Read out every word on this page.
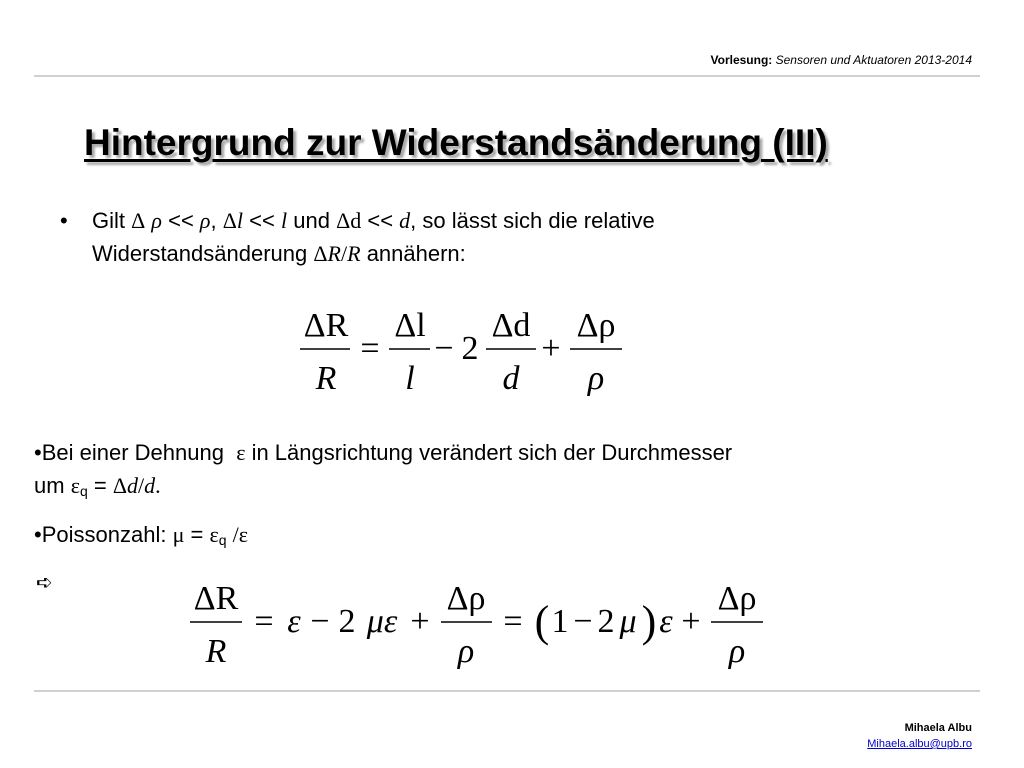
Vorlesung: Sensoren und Aktuatoren 2013-2014
Hintergrund zur Widerstandsänderung (III)
• Gilt Δ ρ << ρ, Δl << l und Δd << d, so lässt sich die relative
Widerstandsänderung ΔR/R annähern:
ΔR
R
=
Δl
l
− 2
Δd
d
+
Δρ
ρ
ΔR
R
= ε − 2 με +
Δρ
ρ
= ( 1 − 2 μ ) ε +
Δρ
ρ
•Bei einer Dehnung ε in Längsrichtung verändert sich der Durchmesser
um $\varepsilon_q = \Delta d/d$.
•Poissonzahl: $\mu = \varepsilon_q$ /ε
➪
Mihaela Albu
Mihaela.albu@upb.ro
